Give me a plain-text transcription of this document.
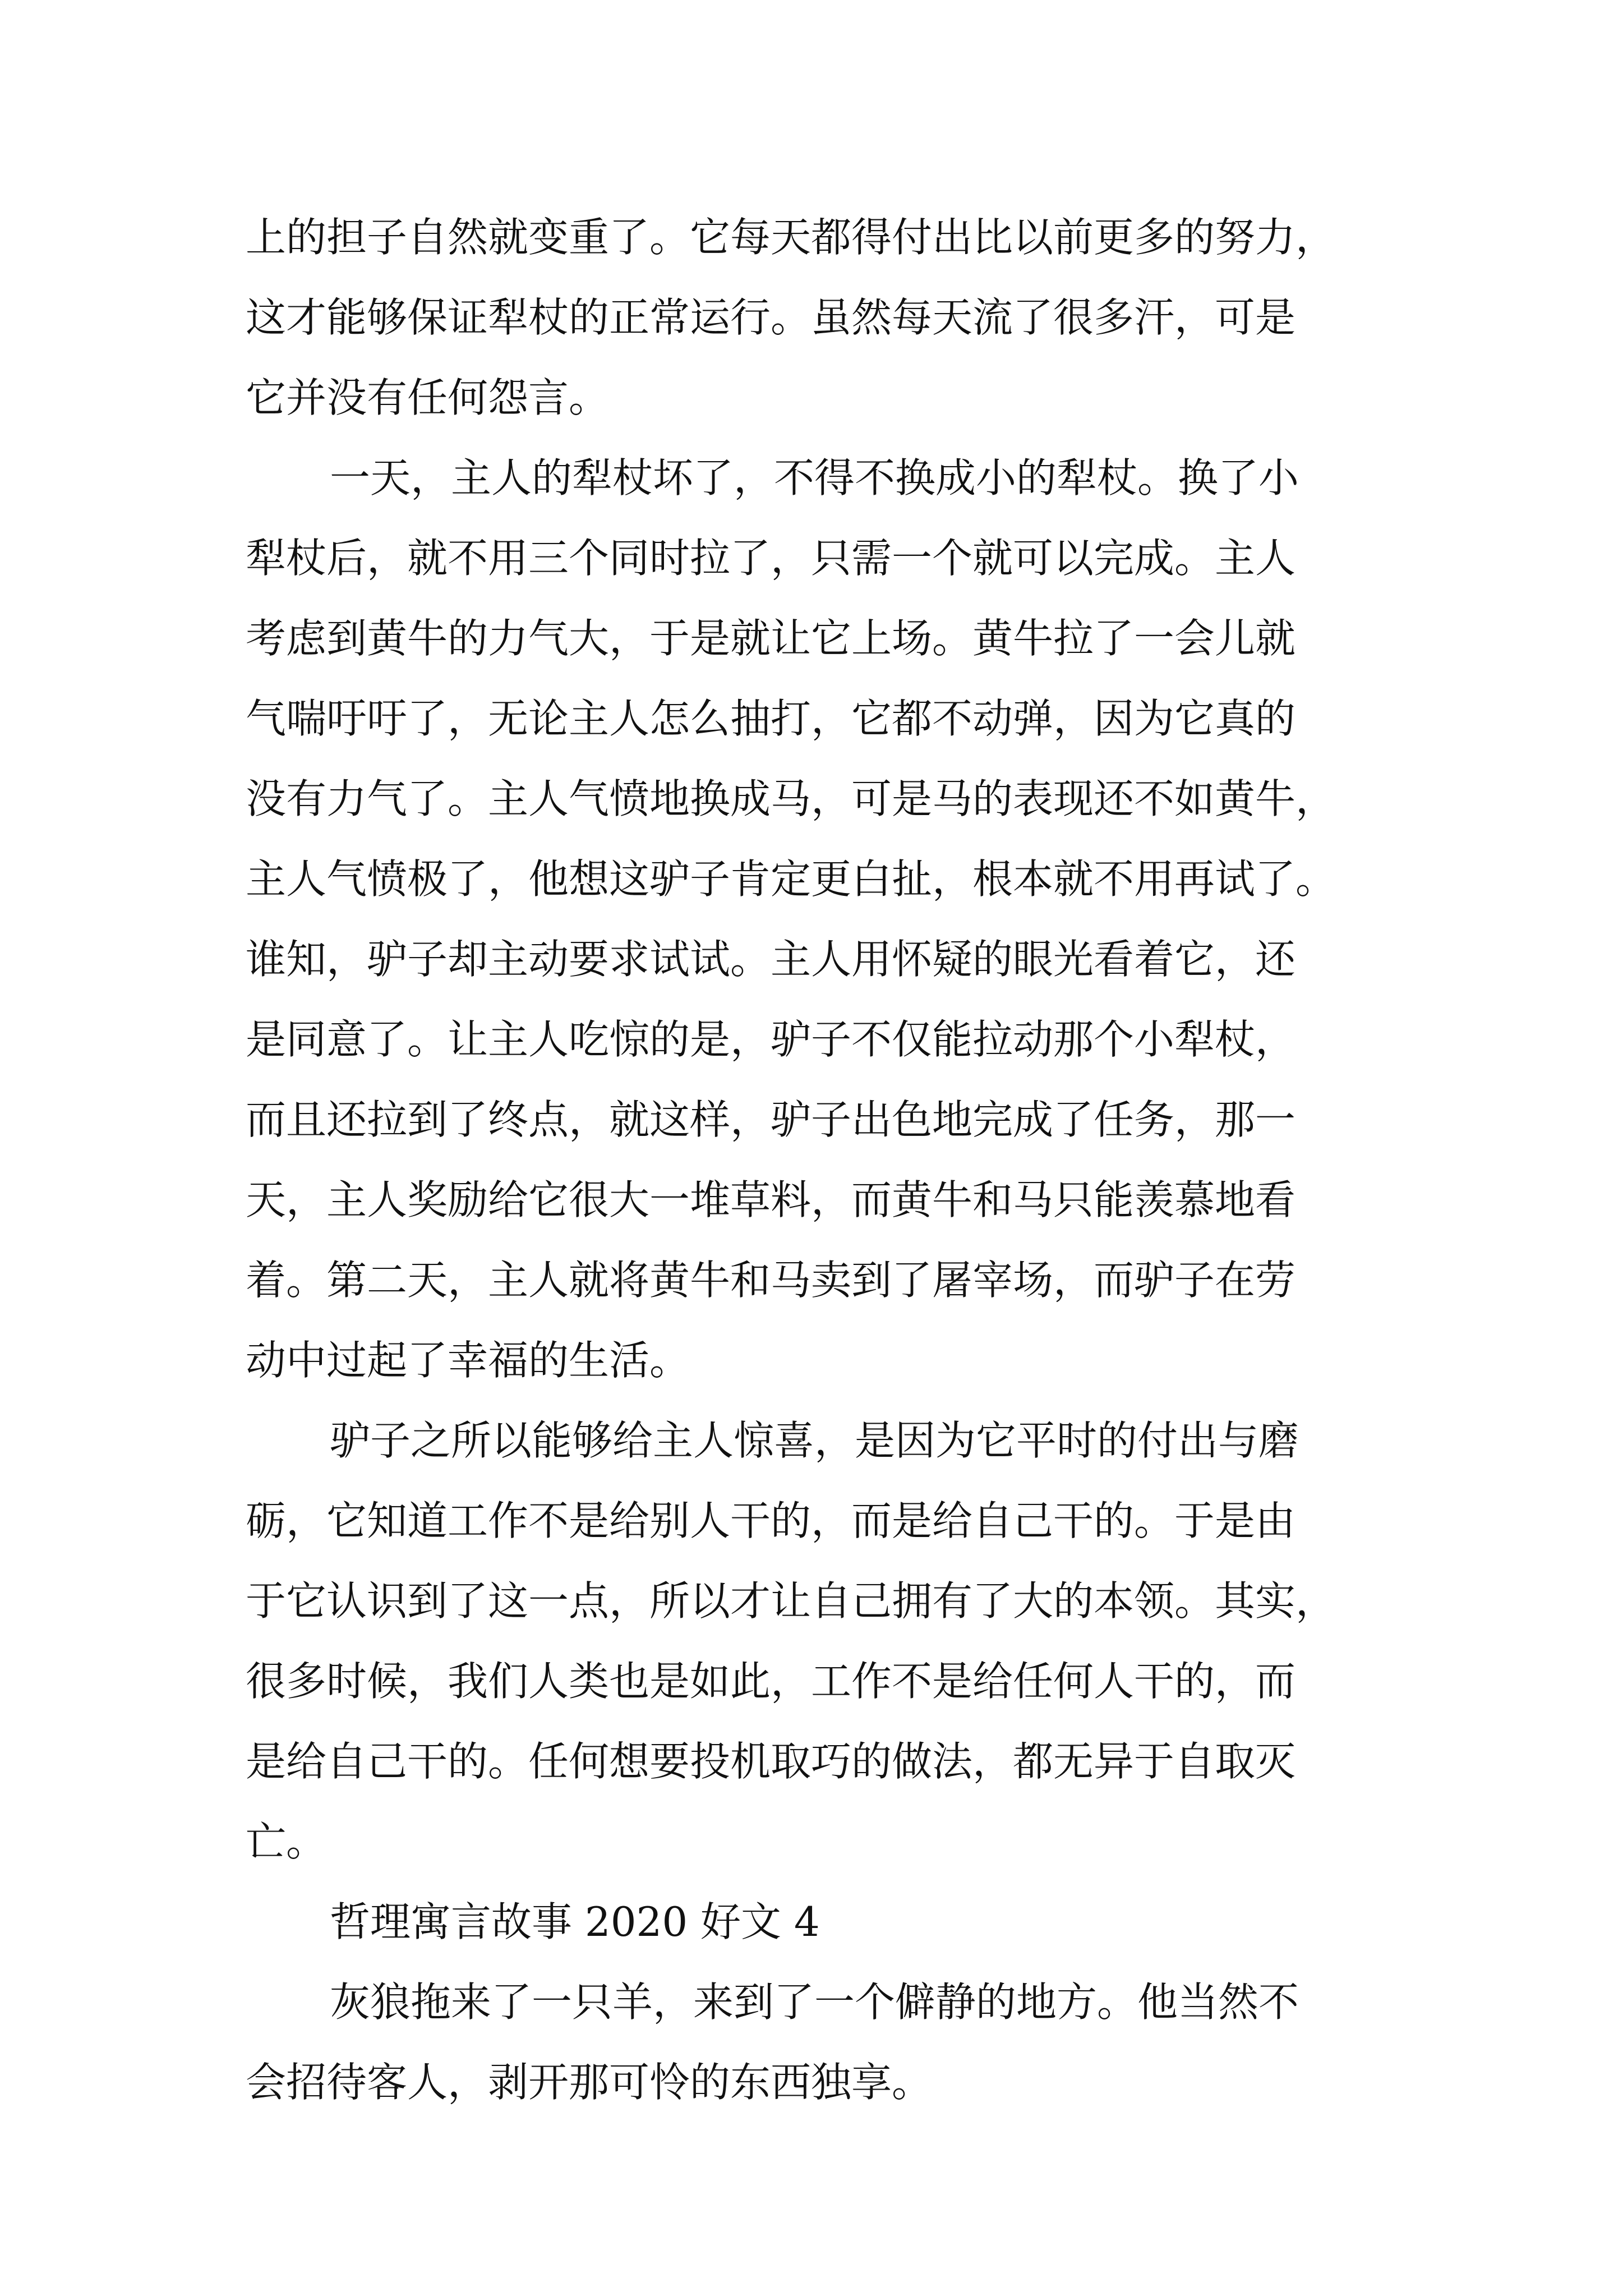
上的担子自然就变重了。它每天都得付出比以前更多的努力，
这才能够保证犁杖的正常运行。虽然每天流了很多汗，可是
它并没有任何怨言。
一天，主人的犁杖坏了，不得不换成小的犁杖。换了小
犁杖后，就不用三个同时拉了，只需一个就可以完成。主人
考虑到黄牛的力气大，于是就让它上场。黄牛拉了一会儿就
气喘吁吁了，无论主人怎么抽打，它都不动弹，因为它真的
没有力气了。主人气愤地换成马，可是马的表现还不如黄牛，
主人气愤极了，他想这驴子肯定更白扯，根本就不用再试了。
谁知，驴子却主动要求试试。主人用怀疑的眼光看着它，还
是同意了。让主人吃惊的是，驴子不仅能拉动那个小犁杖，
而且还拉到了终点，就这样，驴子出色地完成了任务，那一
天，主人奖励给它很大一堆草料，而黄牛和马只能羡慕地看
着。第二天，主人就将黄牛和马卖到了屠宰场，而驴子在劳
动中过起了幸福的生活。
驴子之所以能够给主人惊喜，是因为它平时的付出与磨
砺，它知道工作不是给别人干的，而是给自己干的。于是由
于它认识到了这一点，所以才让自己拥有了大的本领。其实，
很多时候，我们人类也是如此，工作不是给任何人干的，而
是给自己干的。任何想要投机取巧的做法，都无异于自取灭
亡。
哲理寓言故事 2020 好文 4
灰狼拖来了一只羊，来到了一个僻静的地方。他当然不
会招待客人，剥开那可怜的东西独享。
